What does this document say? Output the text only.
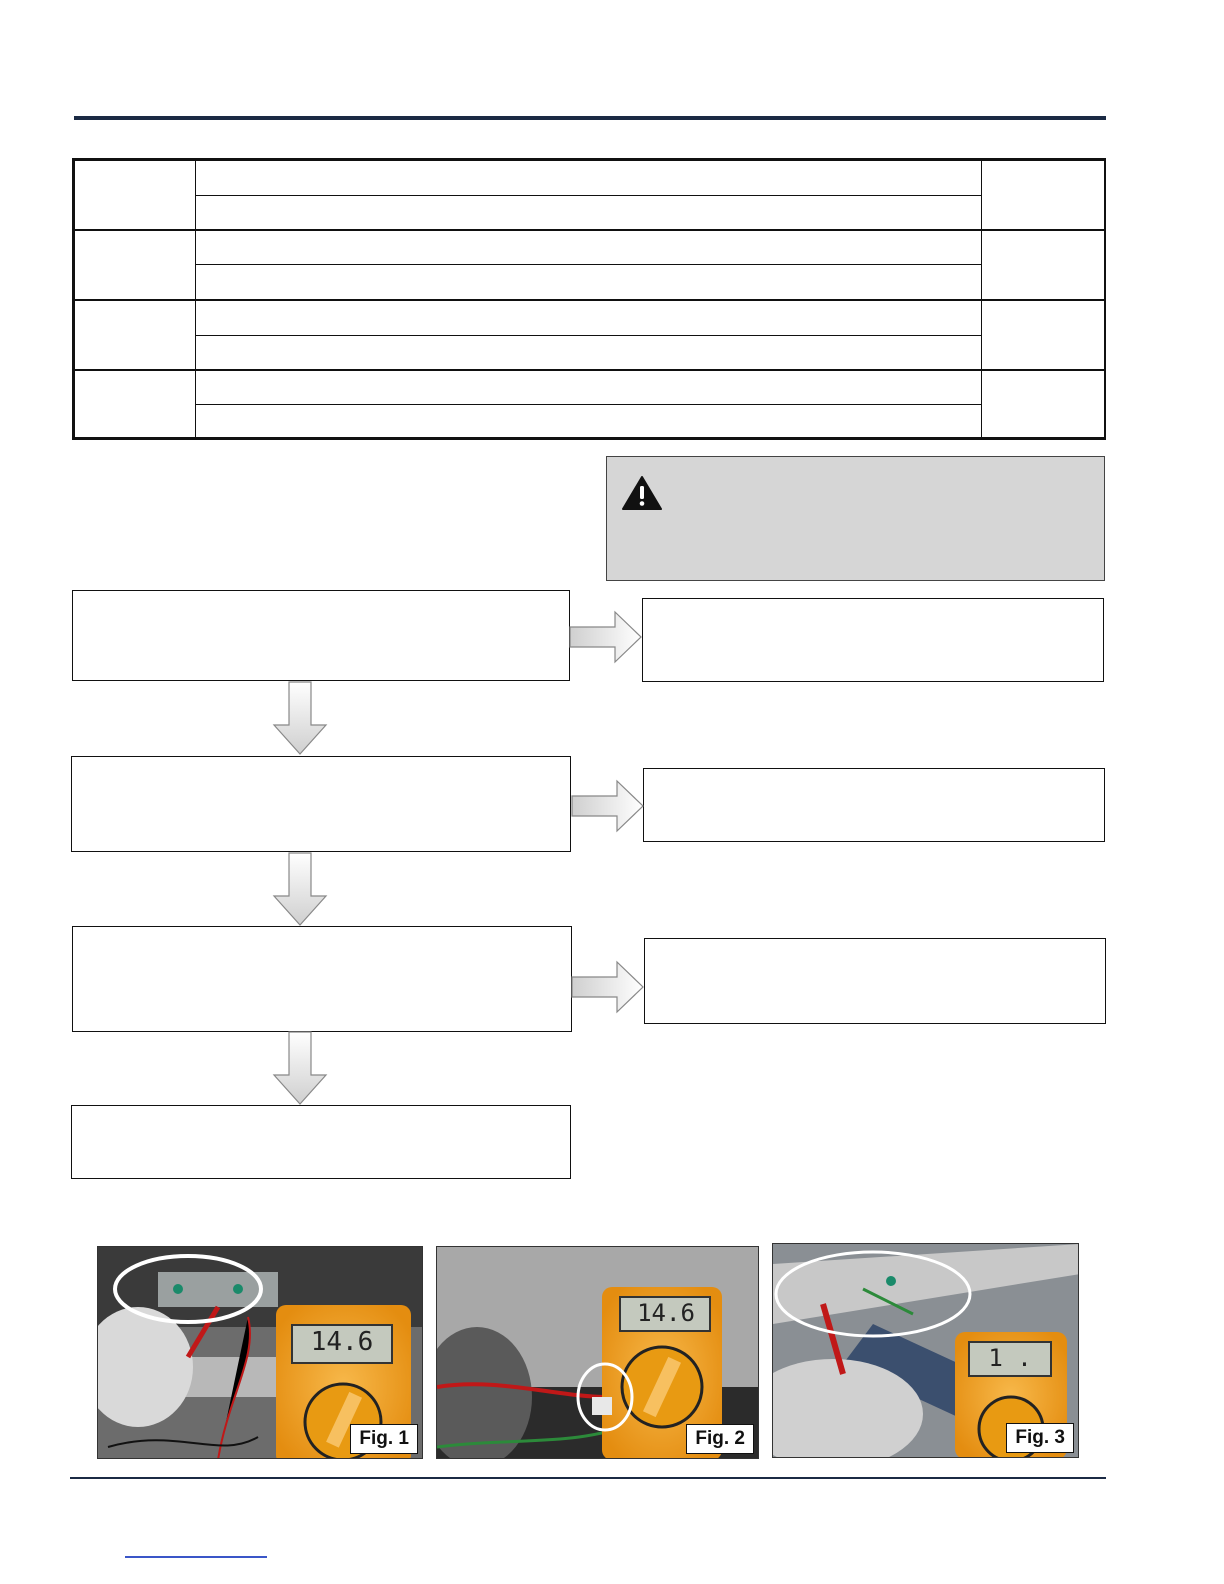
14.6
Fig. 1
14.6
Fig. 2
1 .
Fig. 3
